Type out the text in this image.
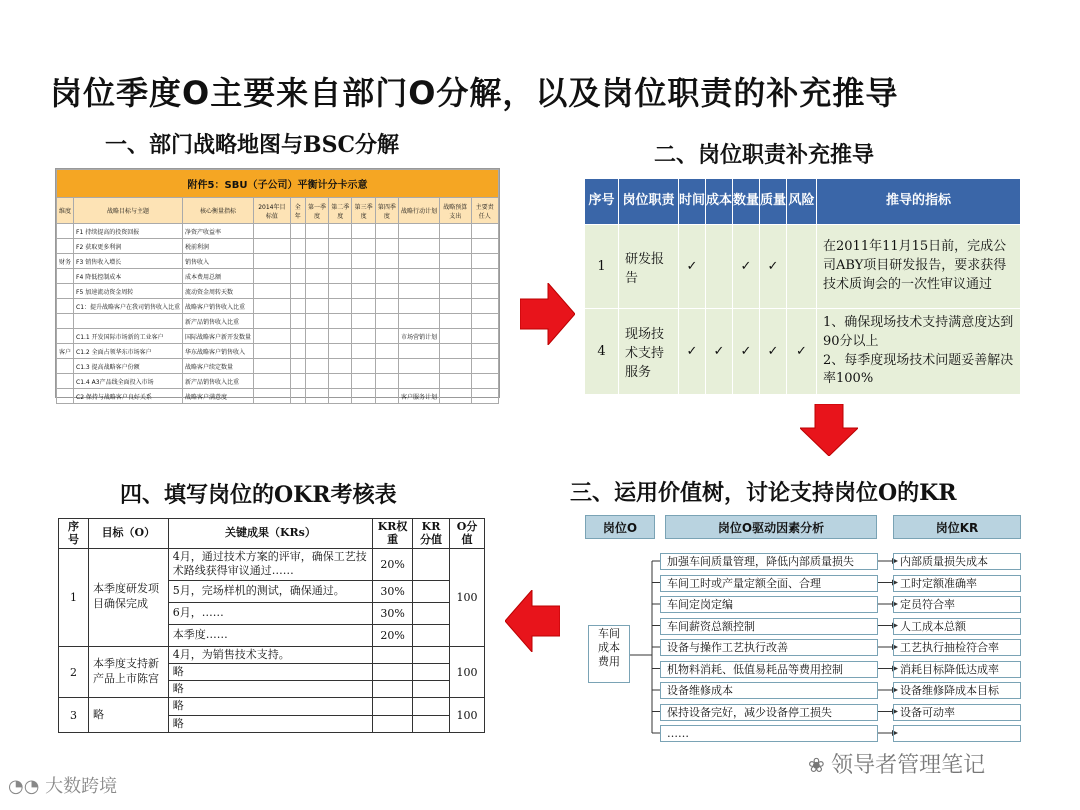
岗位季度O主要来自部门O分解，以及岗位职责的补充推导
一、部门战略地图与BSC分解
附件5：SBU（子公司）平衡计分卡示意											
维度	战略目标与主题	核心衡量指标	2014年目标值	全年	第一季度	第二季度	第三季度	第四季度	战略行动计划	战略预算支出	主要责任人
	F1 持续提高的投资回报	净资产收益率									
	F2 获取更多利润	税前利润									
财务	F3 销售收入增长	销售收入									
	F4 降低控制成本	成本费用总额									
	F5 加速流动资金周转	流动资金周转天数									
	C1：提升战略客户在我司销售收入比重	战略客户销售收入比重									
		新产品销售收入比重									
	C1.1 开发国际市场新的工业客户	国际战略客户新开发数量							市场营销计划		
客户	C1.2 全面占领华东市场客户	华东战略客户销售收入									
	C1.3 提高战略客户份额	战略客户续定数量									
	C1.4 A3产品线全面投入市场	新产品销售收入比重									
	C2 保持与战略客户良好关系	战略客户满意度							客户服务计划		
二、岗位职责补充推导
序号	岗位职责	时间	成本	数量	质量	风险	推导的指标
1	研发报告	✓		✓	✓		在2011年11月15日前，完成公司ABY项目研发报告，要求获得技术质询会的一次性审议通过
4	现场技术支持服务	✓	✓	✓	✓	✓	1、确保现场技术支持满意度达到90分以上
2、每季度现场技术问题妥善解决率100%
三、运用价值树，讨论支持岗位O的KR
岗位O	岗位O驱动因素分析	岗位KR
车间成本费用
加强车间质量管理，降低内部质量损失
车间工时或产量定额全面、合理
车间定岗定编
车间薪资总额控制
设备与操作工艺执行改善
机物料消耗、低值易耗品等费用控制
设备维修成本
保持设备完好，减少设备停工损失
……
内部质量损失成本
工时定额准确率
定员符合率
人工成本总额
工艺执行抽检符合率
消耗目标降低达成率
设备维修降成本目标
设备可动率
四、填写岗位的OKR考核表
序号	目标（O）	关键成果（KRs）	KR权重	KR分值	O分值
1	本季度研发项目确保完成	4月，通过技术方案的评审，确保工艺技术路线获得审议通过……	20%		100
		5月，完场样机的测试，确保通过。	30%		
		6月，……	30%		
		本季度……	20%		
2	本季度支持新产品上市陈宫	4月，为销售技术支持。			100
		略			
		略			
3	略	略			100
		略			
◔◔ 大数跨境
❀ 领导者管理笔记
